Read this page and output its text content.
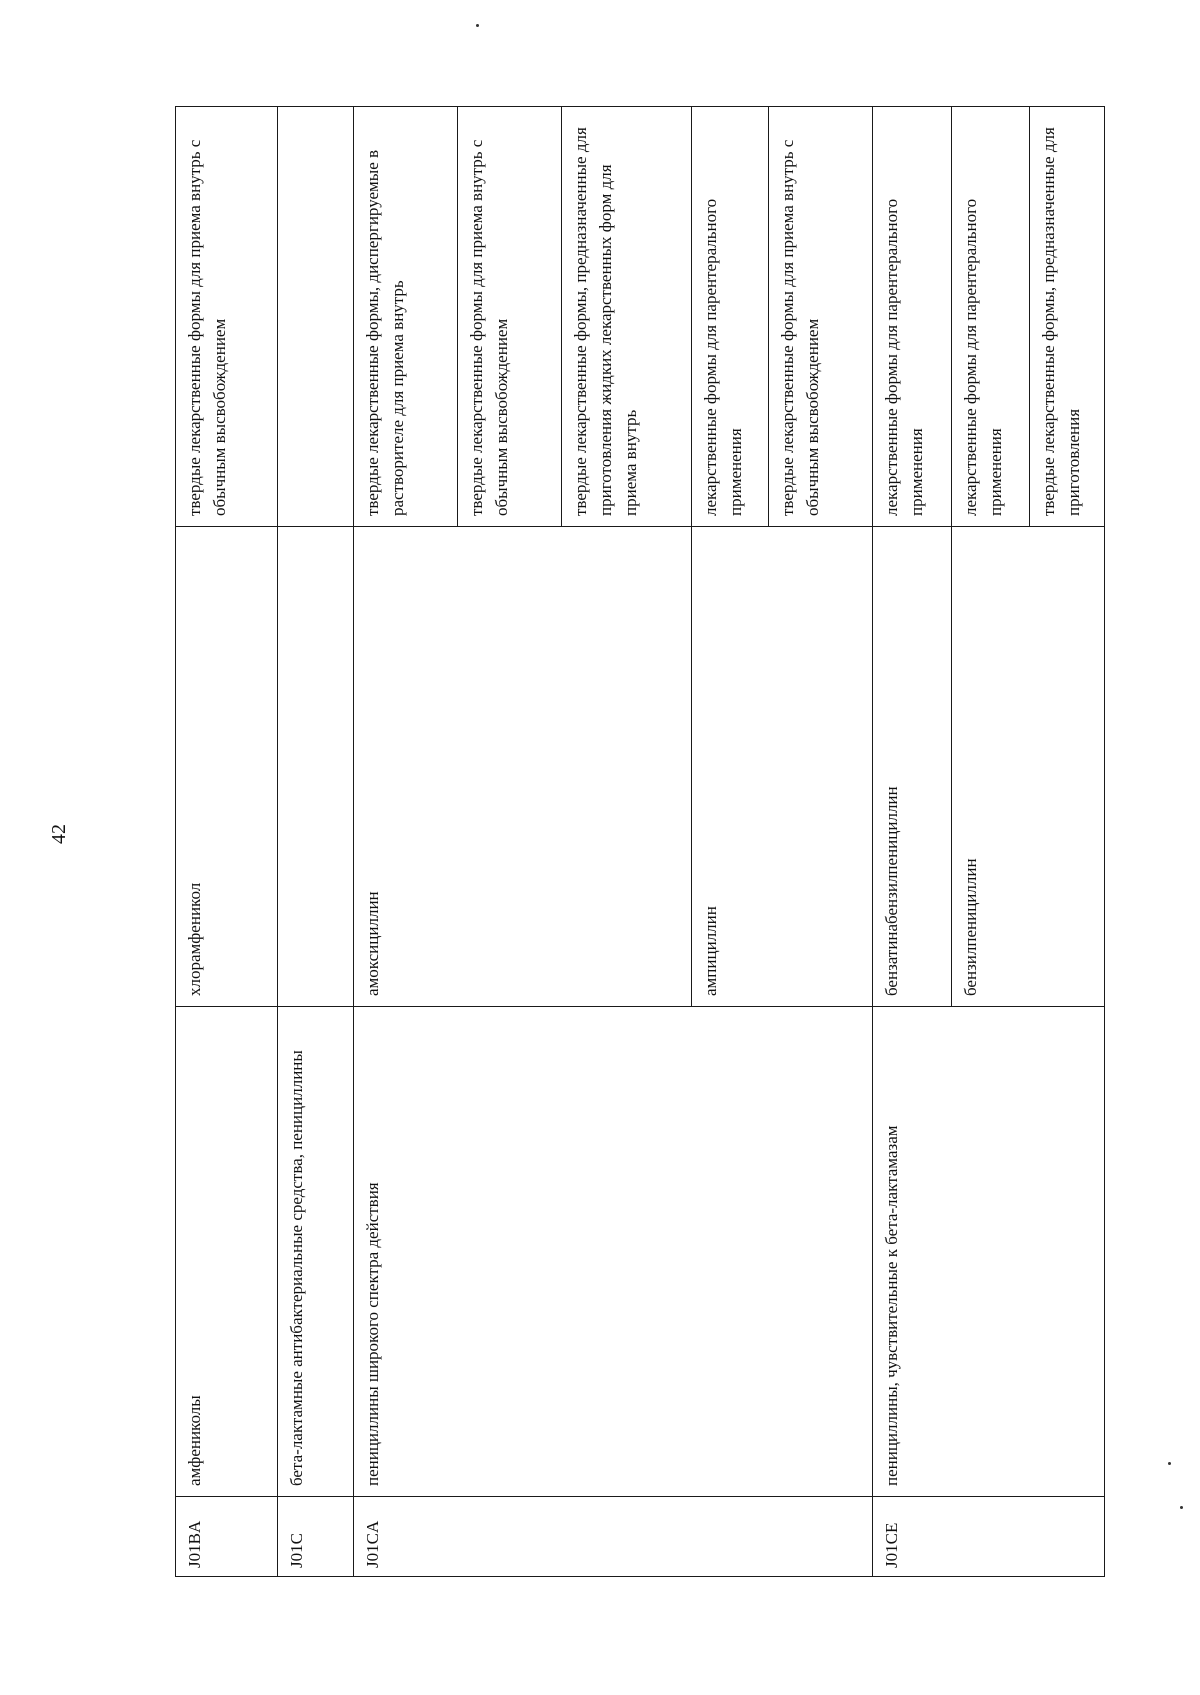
42
J01BA	амфениколы	хлорамфеникол	твердые лекарственные формы для приема внутрь с обычным высвобождением
J01C	бета-лактамные антибактериальные средства, пенициллины		
J01CA	пенициллины широкого спектра действия	амоксициллин	твердые лекарственные формы, диспергируемые в растворителе для приема внутрь
			твердые лекарственные формы для приема внутрь с обычным высвобождением
			твердые лекарственные формы, предназначенные для приготовления жидких лекарственных форм для приема внутрь
		ампициллин	лекарственные формы для парентерального применения
			твердые лекарственные формы для приема внутрь с обычным высвобождением
J01CE	пенициллины, чувствительные к бета-лактамазам	бензатинабензилпенициллин	лекарственные формы для парентерального применения
		бензилпенициллин	лекарственные формы для парентерального применения
			твердые лекарственные формы, предназначенные для приготовления
